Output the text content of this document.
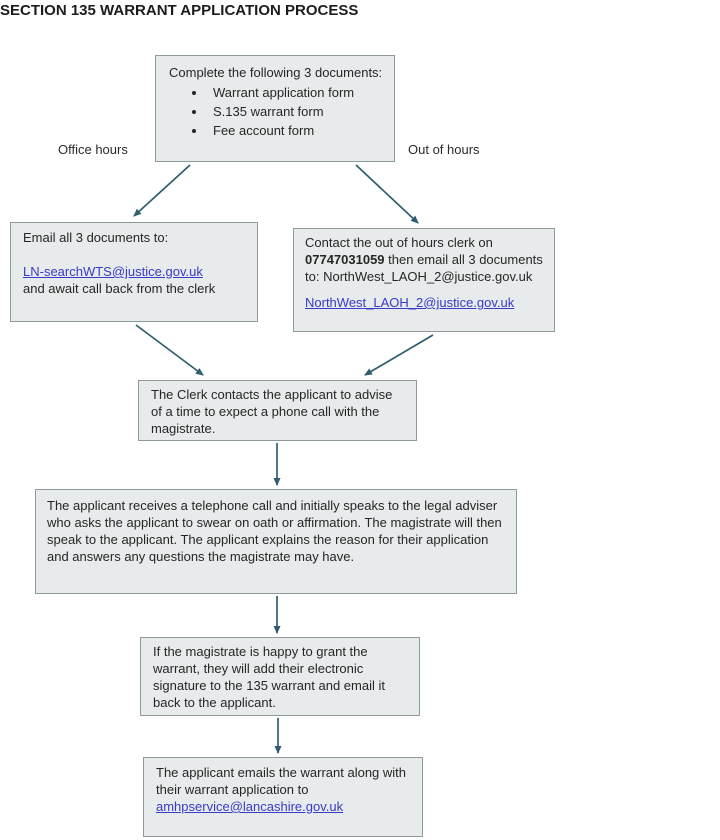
SECTION 135 WARRANT APPLICATION PROCESS

Complete the following 3 documents:

• Warrant application form
• S.135 warrant form
• Fee account form
Office hours	Out of hours

Email all 3 documents to:

LN-searchWTS@justice.gov.uk

and await call back from the clerk

Contact the out of hours clerk on 07747031059 then email all 3 documents to: NorthWest_LAOH_2@justice.gov.uk

NorthWest_LAOH_2@justice.gov.uk

The Clerk contacts the applicant to advise of a time to expect a phone call with the magistrate.

The applicant receives a telephone call and initially speaks to the legal adviser who asks the applicant to swear on oath or affirmation. The magistrate will then speak to the applicant. The applicant explains the reason for their application and answers any questions the magistrate may have.

If the magistrate is happy to grant the warrant, they will add their electronic signature to the 135 warrant and email it back to the applicant.

The applicant emails the warrant along with their warrant application to amhpservice@lancashire.gov.uk
